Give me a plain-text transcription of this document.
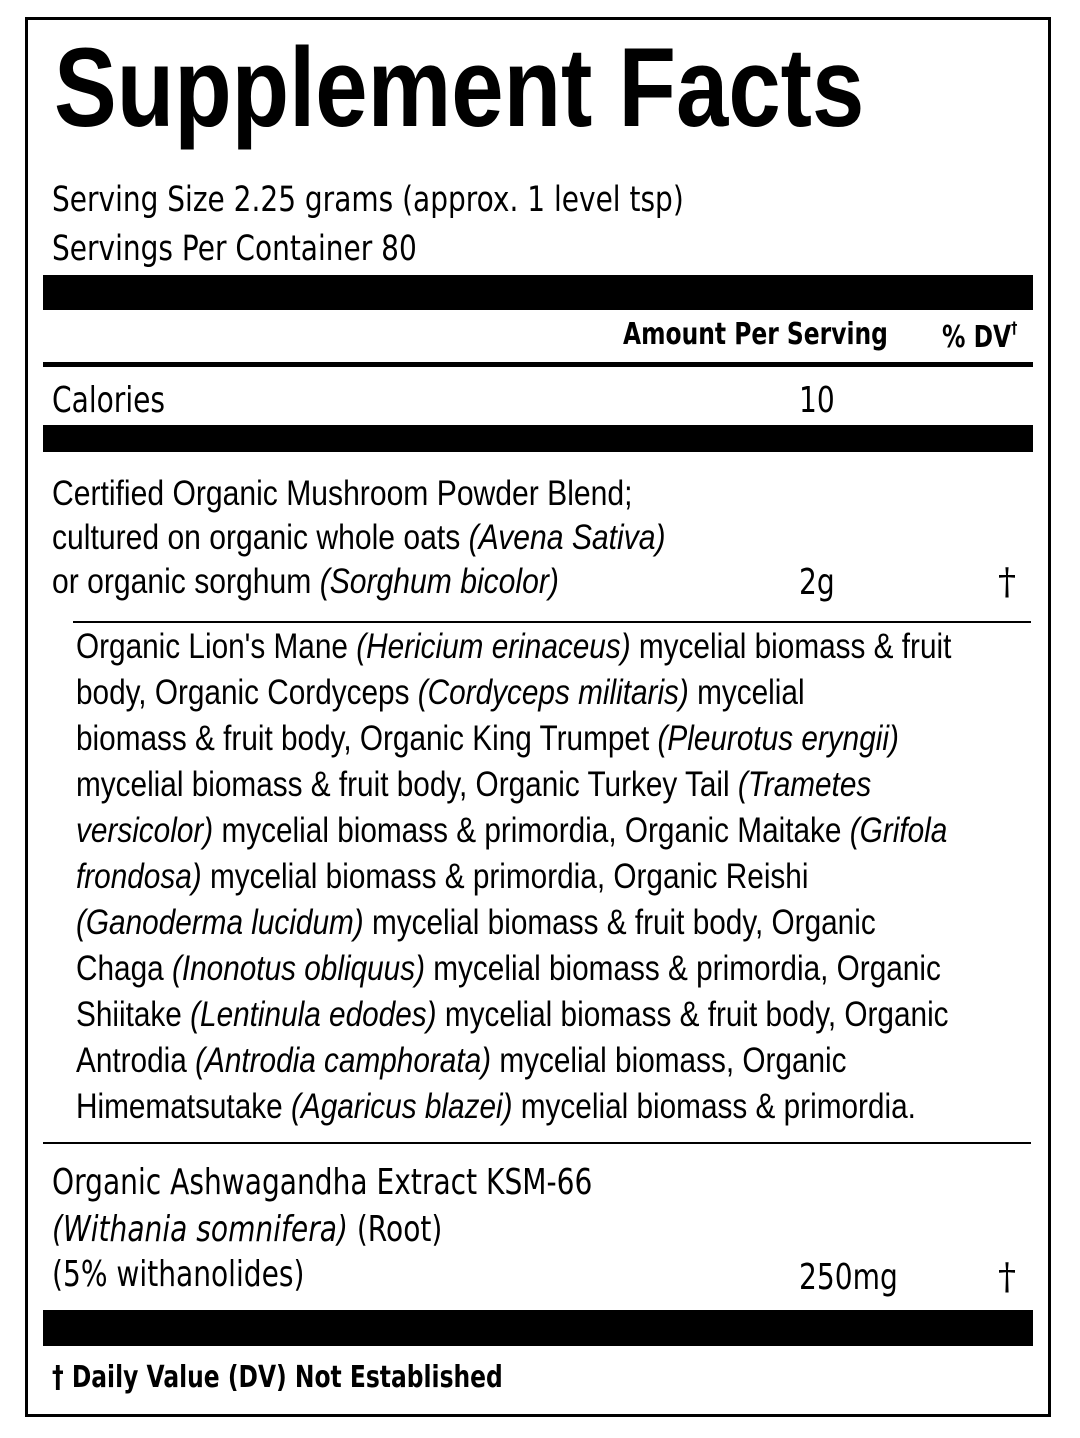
Supplement Facts
Serving Size 2.25 grams (approx. 1 level tsp)
Servings Per Container 80
Amount Per Serving % DV†
Calories	10
Certified Organic Mushroom Powder Blend;
cultured on organic whole oats (Avena Sativa)
or organic sorghum (Sorghum bicolor)	2g	†
Organic Lion's Mane (Hericium erinaceus) mycelial biomass & fruit
body, Organic Cordyceps (Cordyceps militaris) mycelial
biomass & fruit body, Organic King Trumpet (Pleurotus eryngii)
mycelial biomass & fruit body, Organic Turkey Tail (Trametes
versicolor) mycelial biomass & primordia, Organic Maitake (Grifola
frondosa) mycelial biomass & primordia, Organic Reishi
(Ganoderma lucidum) mycelial biomass & fruit body, Organic
Chaga (Inonotus obliquus) mycelial biomass & primordia, Organic
Shiitake (Lentinula edodes) mycelial biomass & fruit body, Organic
Antrodia (Antrodia camphorata) mycelial biomass, Organic
Himematsutake (Agaricus blazei) mycelial biomass & primordia.
Organic Ashwagandha Extract KSM-66
(Withania somnifera) (Root)
(5% withanolides)	250mg	†
† Daily Value (DV) Not Established
